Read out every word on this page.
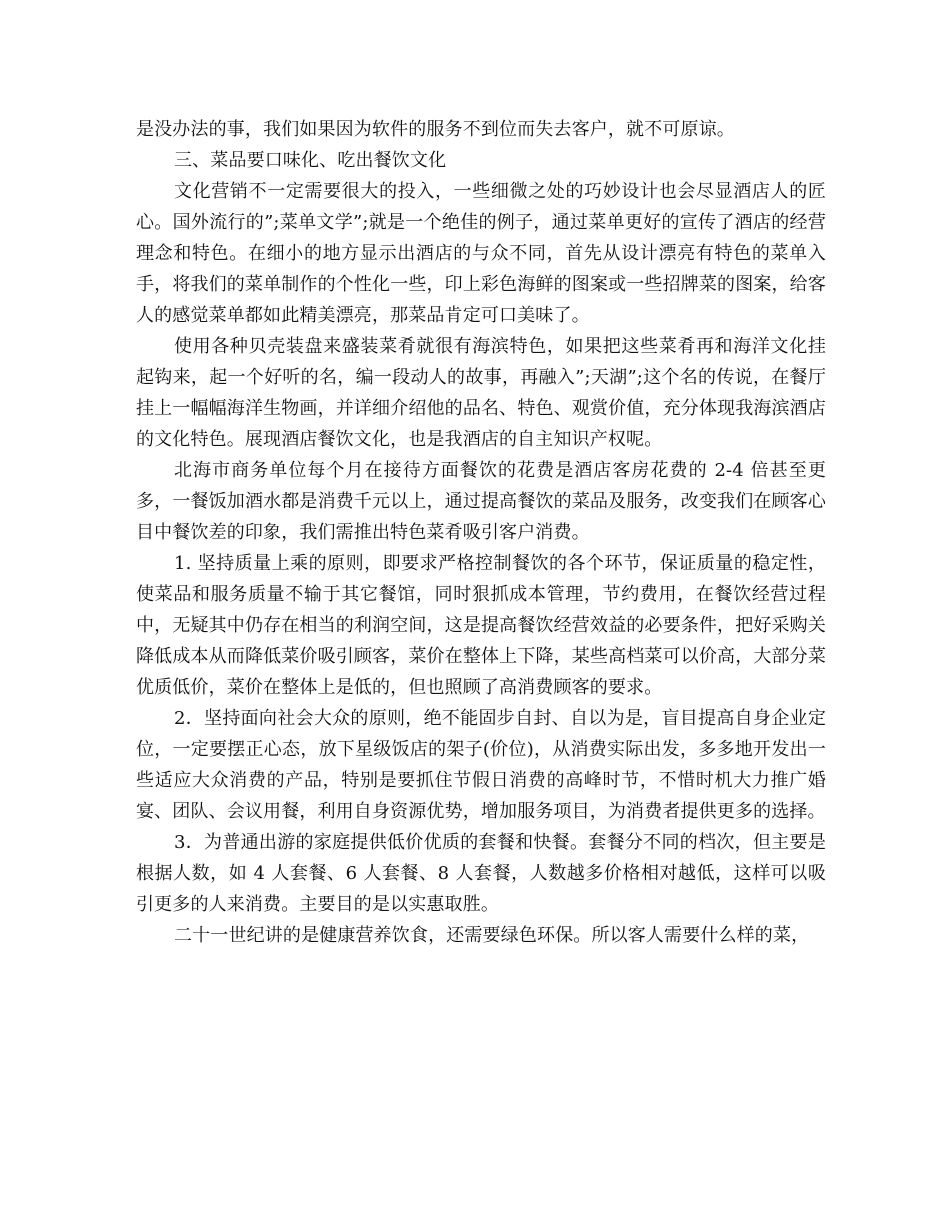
是没办法的事，我们如果因为软件的服务不到位而失去客户，就不可原谅。

三、菜品要口味化、吃出餐饮文化

文化营销不一定需要很大的投入，一些细微之处的巧妙设计也会尽显酒店人的匠心。国外流行的”;菜单文学”;就是一个绝佳的例子，通过菜单更好的宣传了酒店的经营理念和特色。在细小的地方显示出酒店的与众不同，首先从设计漂亮有特色的菜单入手，将我们的菜单制作的个性化一些，印上彩色海鲜的图案或一些招牌菜的图案，给客人的感觉菜单都如此精美漂亮，那菜品肯定可口美味了。

使用各种贝壳装盘来盛装菜肴就很有海滨特色，如果把这些菜肴再和海洋文化挂起钩来，起一个好听的名，编一段动人的故事，再融入”;天湖”;这个名的传说，在餐厅挂上一幅幅海洋生物画，并详细介绍他的品名、特色、观赏价值，充分体现我海滨酒店的文化特色。展现酒店餐饮文化，也是我酒店的自主知识产权呢。

北海市商务单位每个月在接待方面餐饮的花费是酒店客房花费的 2-4 倍甚至更多，一餐饭加酒水都是消费千元以上，通过提高餐饮的菜品及服务，改变我们在顾客心目中餐饮差的印象，我们需推出特色菜肴吸引客户消费。

1. 坚持质量上乘的原则，即要求严格控制餐饮的各个环节，保证质量的稳定性，使菜品和服务质量不输于其它餐馆，同时狠抓成本管理，节约费用，在餐饮经营过程中，无疑其中仍存在相当的利润空间，这是提高餐饮经营效益的必要条件，把好采购关降低成本从而降低菜价吸引顾客，菜价在整体上下降，某些高档菜可以价高，大部分菜优质低价，菜价在整体上是低的，但也照顾了高消费顾客的要求。

2．坚持面向社会大众的原则，绝不能固步自封、自以为是，盲目提高自身企业定位，一定要摆正心态，放下星级饭店的架子(价位)，从消费实际出发，多多地开发出一些适应大众消费的产品，特别是要抓住节假日消费的高峰时节，不惜时机大力推广婚宴、团队、会议用餐，利用自身资源优势，增加服务项目，为消费者提供更多的选择。

3．为普通出游的家庭提供低价优质的套餐和快餐。套餐分不同的档次，但主要是根据人数，如 4 人套餐、6 人套餐、8 人套餐，人数越多价格相对越低，这样可以吸引更多的人来消费。主要目的是以实惠取胜。

二十一世纪讲的是健康营养饮食，还需要绿色环保。所以客人需要什么样的菜，
